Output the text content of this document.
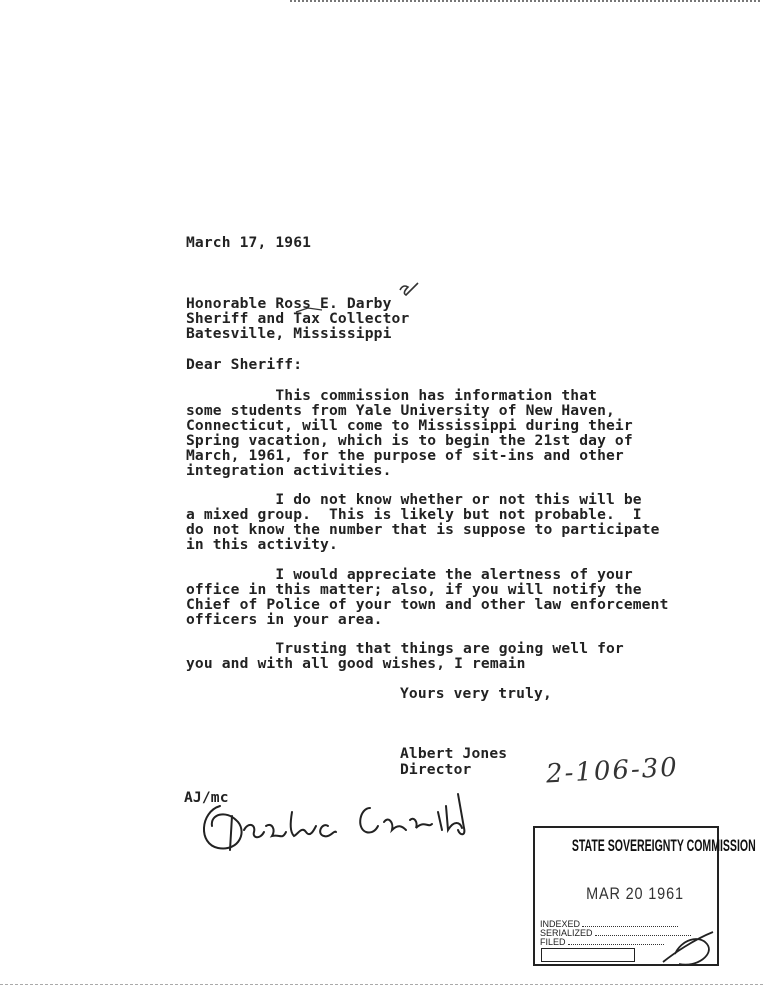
March 17, 1961
Honorable Ross E. Darby
Sheriff and Tax Collector
Batesville, Mississippi
Dear Sheriff:
This commission has information that
some students from Yale University of New Haven,
Connecticut, will come to Mississippi during their
Spring vacation, which is to begin the 21st day of
March, 1961, for the purpose of sit-ins and other
integration activities.
I do not know whether or not this will be
a mixed group.  This is likely but not probable.  I
do not know the number that is suppose to participate
in this activity.
I would appreciate the alertness of your
office in this matter; also, if you will notify the
Chief of Police of your town and other law enforcement
officers in your area.
Trusting that things are going well for
you and with all good wishes, I remain
Yours very truly,
Albert Jones
Director
AJ/mc
2-106-30
STATE SOVEREIGNTY COMMISSION
MAR 20 1961
INDEXED
SERIALIZED
FILED
